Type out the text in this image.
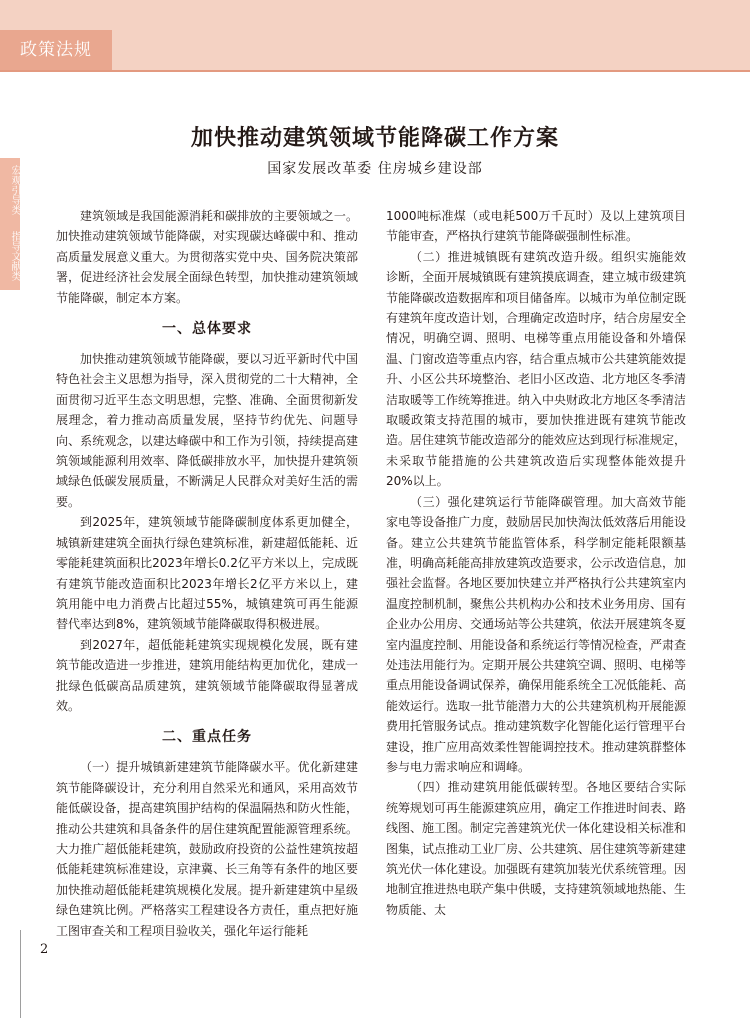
政策法规
宏观引导类
指导文献类
加快推动建筑领域节能降碳工作方案
国家发展改革委 住房城乡建设部

建筑领域是我国能源消耗和碳排放的主要领域之一。加快推动建筑领域节能降碳，对实现碳达峰碳中和、推动高质量发展意义重大。为贯彻落实党中央、国务院决策部署，促进经济社会发展全面绿色转型，加快推动建筑领域节能降碳，制定本方案。

一、总体要求

加快推动建筑领域节能降碳，要以习近平新时代中国特色社会主义思想为指导，深入贯彻党的二十大精神，全面贯彻习近平生态文明思想，完整、准确、全面贯彻新发展理念，着力推动高质量发展，坚持节约优先、问题导向、系统观念，以建达峰碳中和工作为引领，持续提高建筑领域能源利用效率、降低碳排放水平，加快提升建筑领域绿色低碳发展质量，不断满足人民群众对美好生活的需要。

到2025年，建筑领域节能降碳制度体系更加健全，城镇新建建筑全面执行绿色建筑标准，新建超低能耗、近零能耗建筑面积比2023年增长0.2亿平方米以上，完成既有建筑节能改造面积比2023年增长2亿平方米以上，建筑用能中电力消费占比超过55%，城镇建筑可再生能源替代率达到8%，建筑领域节能降碳取得积极进展。

到2027年，超低能耗建筑实现规模化发展，既有建筑节能改造进一步推进，建筑用能结构更加优化，建成一批绿色低碳高品质建筑，建筑领域节能降碳取得显著成效。

二、重点任务

（一）提升城镇新建建筑节能降碳水平。优化新建建筑节能降碳设计，充分利用自然采光和通风，采用高效节能低碳设备，提高建筑围护结构的保温隔热和防火性能，推动公共建筑和具备条件的居住建筑配置能源管理系统。大力推广超低能耗建筑，鼓励政府投资的公益性建筑按超低能耗建筑标准建设，京津冀、长三角等有条件的地区要加快推动超低能耗建筑规模化发展。提升新建建筑中星级绿色建筑比例。严格落实工程建设各方责任，重点把好施工图审查关和工程项目验收关，强化年运行能耗

1000吨标准煤（或电耗500万千瓦时）及以上建筑项目节能审查，严格执行建筑节能降碳强制性标准。

（二）推进城镇既有建筑改造升级。组织实施能效诊断，全面开展城镇既有建筑摸底调查，建立城市级建筑节能降碳改造数据库和项目储备库。以城市为单位制定既有建筑年度改造计划，合理确定改造时序，结合房屋安全情况，明确空调、照明、电梯等重点用能设备和外墙保温、门窗改造等重点内容，结合重点城市公共建筑能效提升、小区公共环境整治、老旧小区改造、北方地区冬季清洁取暖等工作统筹推进。纳入中央财政北方地区冬季清洁取暖政策支持范围的城市，要加快推进既有建筑节能改造。居住建筑节能改造部分的能效应达到现行标准规定，未采取节能措施的公共建筑改造后实现整体能效提升20%以上。

（三）强化建筑运行节能降碳管理。加大高效节能家电等设备推广力度，鼓励居民加快淘汰低效落后用能设备。建立公共建筑节能监管体系，科学制定能耗限额基准，明确高耗能高排放建筑改造要求，公示改造信息，加强社会监督。各地区要加快建立并严格执行公共建筑室内温度控制机制，聚焦公共机构办公和技术业务用房、国有企业办公用房、交通场站等公共建筑，依法开展建筑冬夏室内温度控制、用能设备和系统运行等情况检查，严肃查处违法用能行为。定期开展公共建筑空调、照明、电梯等重点用能设备调试保养，确保用能系统全工况低能耗、高能效运行。选取一批节能潜力大的公共建筑机构开展能源费用托管服务试点。推动建筑数字化智能化运行管理平台建设，推广应用高效柔性智能调控技术。推动建筑群整体参与电力需求响应和调峰。

（四）推动建筑用能低碳转型。各地区要结合实际统筹规划可再生能源建筑应用，确定工作推进时间表、路线图、施工图。制定完善建筑光伏一体化建设相关标准和图集，试点推动工业厂房、公共建筑、居住建筑等新建建筑光伏一体化建设。加强既有建筑加装光伏系统管理。因地制宜推进热电联产集中供暖，支持建筑领域地热能、生物质能、太

2
